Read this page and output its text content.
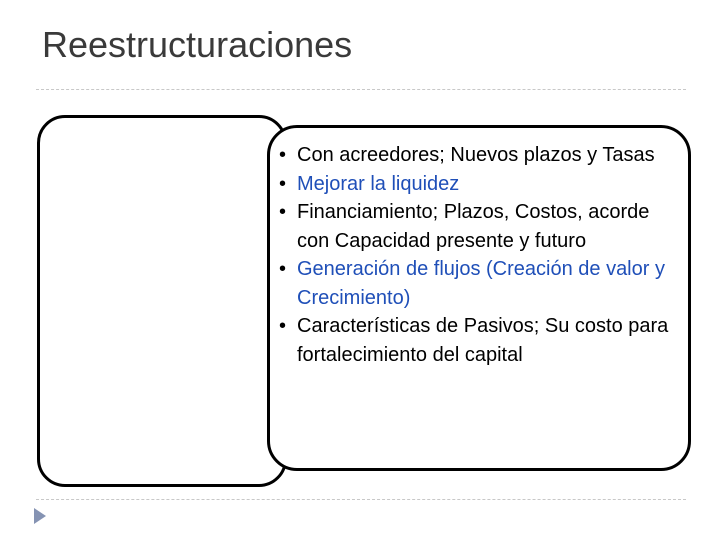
Reestructuraciones
• Con acreedores; Nuevos plazos y Tasas
• Mejorar la liquidez
• Financiamiento; Plazos, Costos, acorde con Capacidad presente y futuro
• Generación de flujos (Creación de valor y Crecimiento)
• Características de Pasivos; Su costo para fortalecimiento del capital
